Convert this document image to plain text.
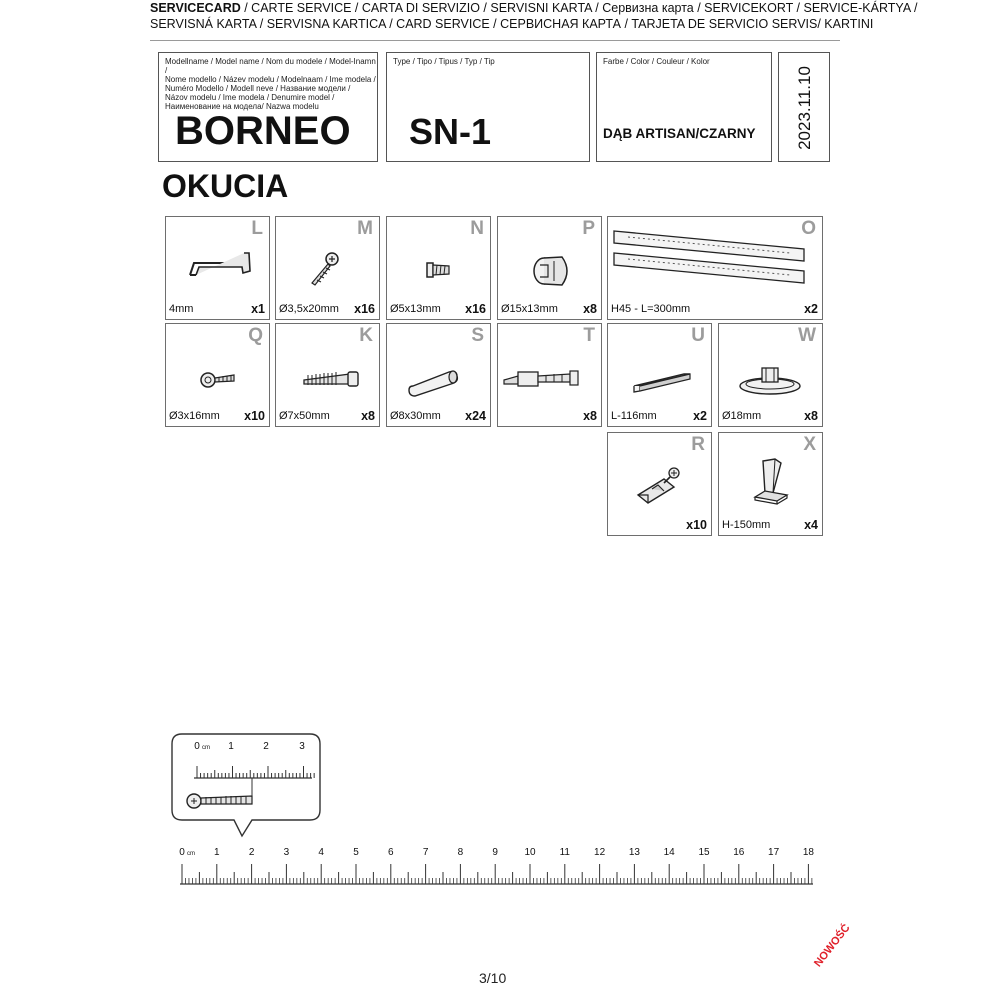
SERVICECARD / CARTE SERVICE / CARTA DI SERVIZIO / SERVISNI KARTA / Сервизна карта / SERVICEKORT / SERVICE-KÁRTYA /
SERVISNÁ KARTA / SERVISNA KARTICA / CARD SERVICE / СЕРВИСНАЯ КАРТА / TARJETA DE SERVICIO SERVIS/ KARTINI
Modellname / Model name / Nom du modele / Model-Inamn /
Nome modello / Název modelu / Modelnaam / Ime modela /
Numéro Modello / Modell neve / Название модели /
Názov modelu / Ime modela / Denumire model /
Наименование на модела/ Nazwa modelu
BORNEO
Type / Tipo / Tipus / Typ / Tip
SN-1
Farbe / Color / Couleur / Kolor
DĄB ARTISAN/CZARNY 2023.11.10
OKUCIA
L
4mm	x1
M
Ø3,5x20mm x16
N
Ø5x13mm x16
P
Ø15x13mm x8
O
H45 - L=300mm	x2
Q
Ø3x16mm x10
K
Ø7x50mm	x8
S
Ø8x30mm x24
T
x8
U
L-116mm	x2
W
Ø18mm	x8
R
x10
X
H-150mm	x4
0 cm 1	2	3
0	1	2	3	4	5	6	7	8	9	10 11 12 13 14 15 16 17 18
cm
3/10
NOWOŚĆ
